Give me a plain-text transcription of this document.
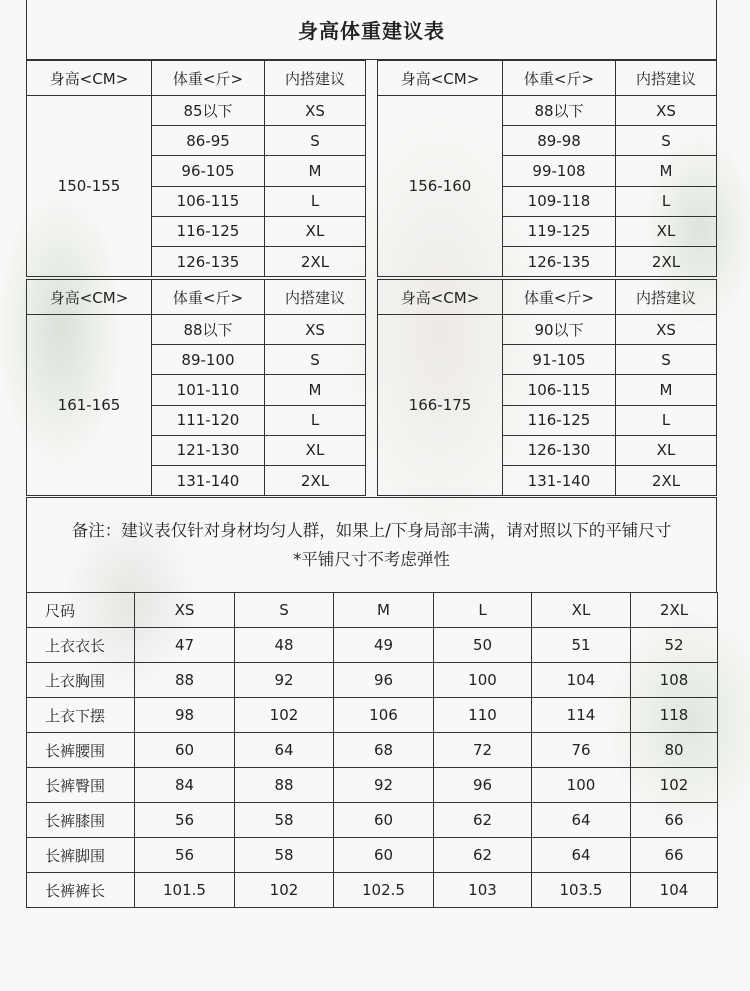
身高体重建议表
身高<CM>	体重<斤>	内搭建议
150-155	85以下	XS
	86-95	S
	96-105	M
	106-115	L
	116-125	XL
	126-135	2XL
身高<CM>	体重<斤>	内搭建议
156-160	88以下	XS
	89-98	S
	99-108	M
	109-118	L
	119-125	XL
	126-135	2XL
身高<CM>	体重<斤>	内搭建议
161-165	88以下	XS
	89-100	S
	101-110	M
	111-120	L
	121-130	XL
	131-140	2XL
身高<CM>	体重<斤>	内搭建议
166-175	90以下	XS
	91-105	S
	106-115	M
	116-125	L
	126-130	XL
	131-140	2XL
备注：建议表仅针对身材均匀人群，如果上/下身局部丰满，请对照以下的平铺尺寸
*平铺尺寸不考虑弹性
尺码	XS	S	M	L	XL	2XL
上衣衣长	47	48	49	50	51	52
上衣胸围	88	92	96	100	104	108
上衣下摆	98	102	106	110	114	118
长裤腰围	60	64	68	72	76	80
长裤臀围	84	88	92	96	100	102
长裤膝围	56	58	60	62	64	66
长裤脚围	56	58	60	62	64	66
长裤裤长	101.5	102	102.5	103	103.5	104
